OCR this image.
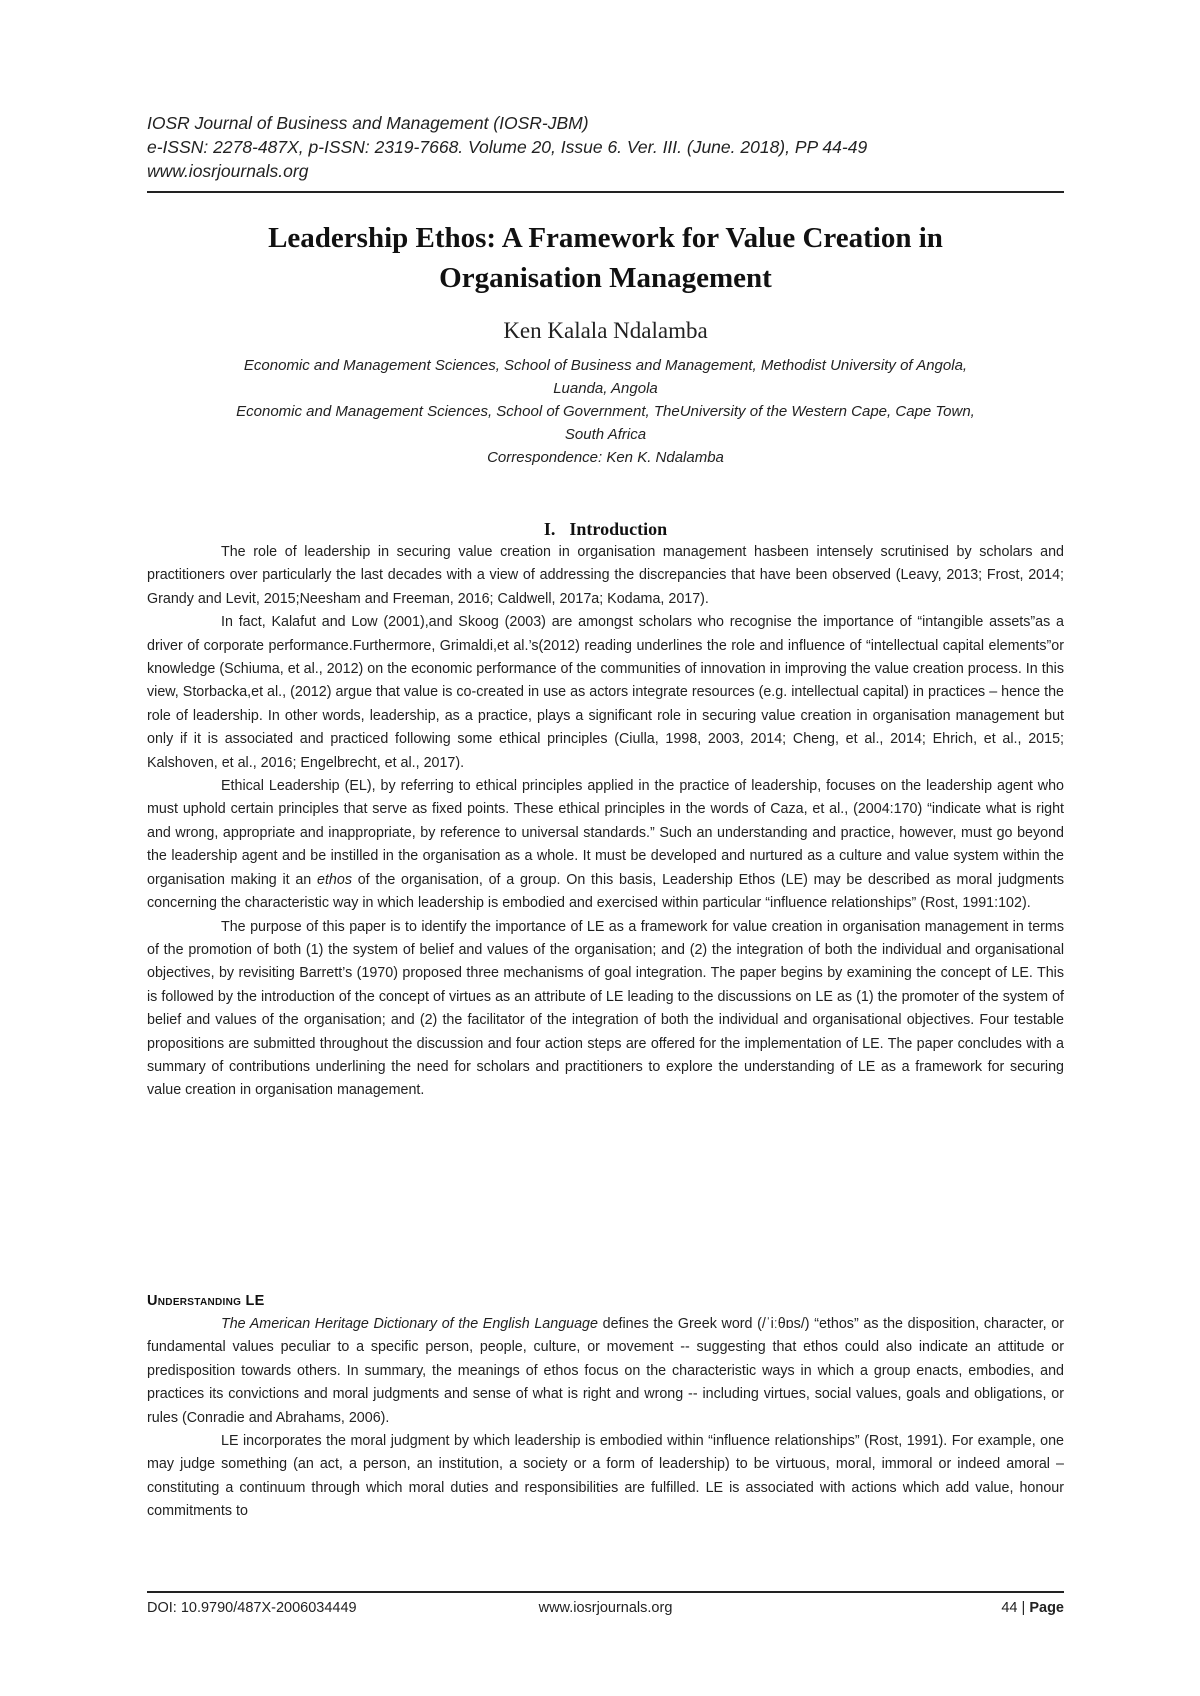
IOSR Journal of Business and Management (IOSR-JBM)
e-ISSN: 2278-487X, p-ISSN: 2319-7668. Volume 20, Issue 6. Ver. III. (June. 2018), PP 44-49
www.iosrjournals.org
Leadership Ethos: A Framework for Value Creation in
Organisation Management
Ken Kalala Ndalamba
Economic and Management Sciences, School of Business and Management, Methodist University of Angola,
Luanda, Angola
Economic and Management Sciences, School of Government, TheUniversity of the Western Cape, Cape Town,
South Africa
Correspondence: Ken K. Ndalamba
I. Introduction

The role of leadership in securing value creation in organisation management hasbeen intensely scrutinised by scholars and practitioners over particularly the last decades with a view of addressing the discrepancies that have been observed (Leavy, 2013; Frost, 2014; Grandy and Levit, 2015;Neesham and Freeman, 2016; Caldwell, 2017a; Kodama, 2017).

In fact, Kalafut and Low (2001),and Skoog (2003) are amongst scholars who recognise the importance of “intangible assets”as a driver of corporate performance.Furthermore, Grimaldi,et al.’s(2012) reading underlines the role and influence of “intellectual capital elements”or knowledge (Schiuma, et al., 2012) on the economic performance of the communities of innovation in improving the value creation process. In this view, Storbacka,et al., (2012) argue that value is co-created in use as actors integrate resources (e.g. intellectual capital) in practices – hence the role of leadership. In other words, leadership, as a practice, plays a significant role in securing value creation in organisation management but only if it is associated and practiced following some ethical principles (Ciulla, 1998, 2003, 2014; Cheng, et al., 2014; Ehrich, et al., 2015; Kalshoven, et al., 2016; Engelbrecht, et al., 2017).

Ethical Leadership (EL), by referring to ethical principles applied in the practice of leadership, focuses on the leadership agent who must uphold certain principles that serve as fixed points. These ethical principles in the words of Caza, et al., (2004:170) “indicate what is right and wrong, appropriate and inappropriate, by reference to universal standards.” Such an understanding and practice, however, must go beyond the leadership agent and be instilled in the organisation as a whole. It must be developed and nurtured as a culture and value system within the organisation making it an ethos of the organisation, of a group. On this basis, Leadership Ethos (LE) may be described as moral judgments concerning the characteristic way in which leadership is embodied and exercised within particular “influence relationships” (Rost, 1991:102).

The purpose of this paper is to identify the importance of LE as a framework for value creation in organisation management in terms of the promotion of both (1) the system of belief and values of the organisation; and (2) the integration of both the individual and organisational objectives, by revisiting Barrett’s (1970) proposed three mechanisms of goal integration. The paper begins by examining the concept of LE. This is followed by the introduction of the concept of virtues as an attribute of LE leading to the discussions on LE as (1) the promoter of the system of belief and values of the organisation; and (2) the facilitator of the integration of both the individual and organisational objectives. Four testable propositions are submitted throughout the discussion and four action steps are offered for the implementation of LE. The paper concludes with a summary of contributions underlining the need for scholars and practitioners to explore the understanding of LE as a framework for securing value creation in organisation management.

Understanding LE

The American Heritage Dictionary of the English Language defines the Greek word (/ˈiːθɒs/) “ethos” as the disposition, character, or fundamental values peculiar to a specific person, people, culture, or movement -- suggesting that ethos could also indicate an attitude or predisposition towards others. In summary, the meanings of ethos focus on the characteristic ways in which a group enacts, embodies, and practices its convictions and moral judgments and sense of what is right and wrong -- including virtues, social values, goals and obligations, or rules (Conradie and Abrahams, 2006).

LE incorporates the moral judgment by which leadership is embodied within “influence relationships” (Rost, 1991). For example, one may judge something (an act, a person, an institution, a society or a form of leadership) to be virtuous, moral, immoral or indeed amoral – constituting a continuum through which moral duties and responsibilities are fulfilled. LE is associated with actions which add value, honour commitments to

DOI: 10.9790/487X-2006034449	www.iosrjournals.org	44 | Page
